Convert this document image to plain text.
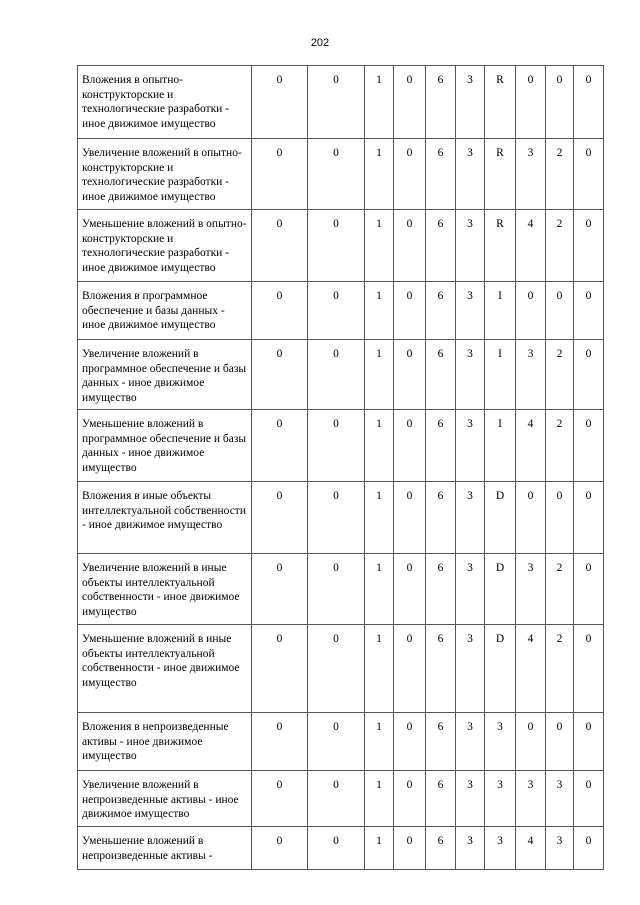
202
Вложения в опытно-конструкторские и технологические разработки - иное движимое имущество	0	0	1	0	6	3	R	0	0	0
Увеличение вложений в опытно-конструкторские и технологические разработки - иное движимое имущество	0	0	1	0	6	3	R	3	2	0
Уменьшение вложений в опытно-конструкторские и технологические разработки - иное движимое имущество	0	0	1	0	6	3	R	4	2	0
Вложения в программное обеспечение и базы данных - иное движимое имущество	0	0	1	0	6	3	I	0	0	0
Увеличение вложений в программное обеспечение и базы данных - иное движимое имущество	0	0	1	0	6	3	I	3	2	0
Уменьшение вложений в программное обеспечение и базы данных - иное движимое имущество	0	0	1	0	6	3	I	4	2	0
Вложения в иные объекты интеллектуальной собственности - иное движимое имущество	0	0	1	0	6	3	D	0	0	0
Увеличение вложений в иные объекты интеллектуальной собственности - иное движимое имущество	0	0	1	0	6	3	D	3	2	0
Уменьшение вложений в иные объекты интеллектуальной собственности - иное движимое имущество	0	0	1	0	6	3	D	4	2	0
Вложения в непроизведенные активы - иное движимое имущество	0	0	1	0	6	3	3	0	0	0
Увеличение вложений в непроизведенные активы - иное движимое имущество	0	0	1	0	6	3	3	3	3	0
Уменьшение вложений в непроизведенные активы -	0	0	1	0	6	3	3	4	3	0
